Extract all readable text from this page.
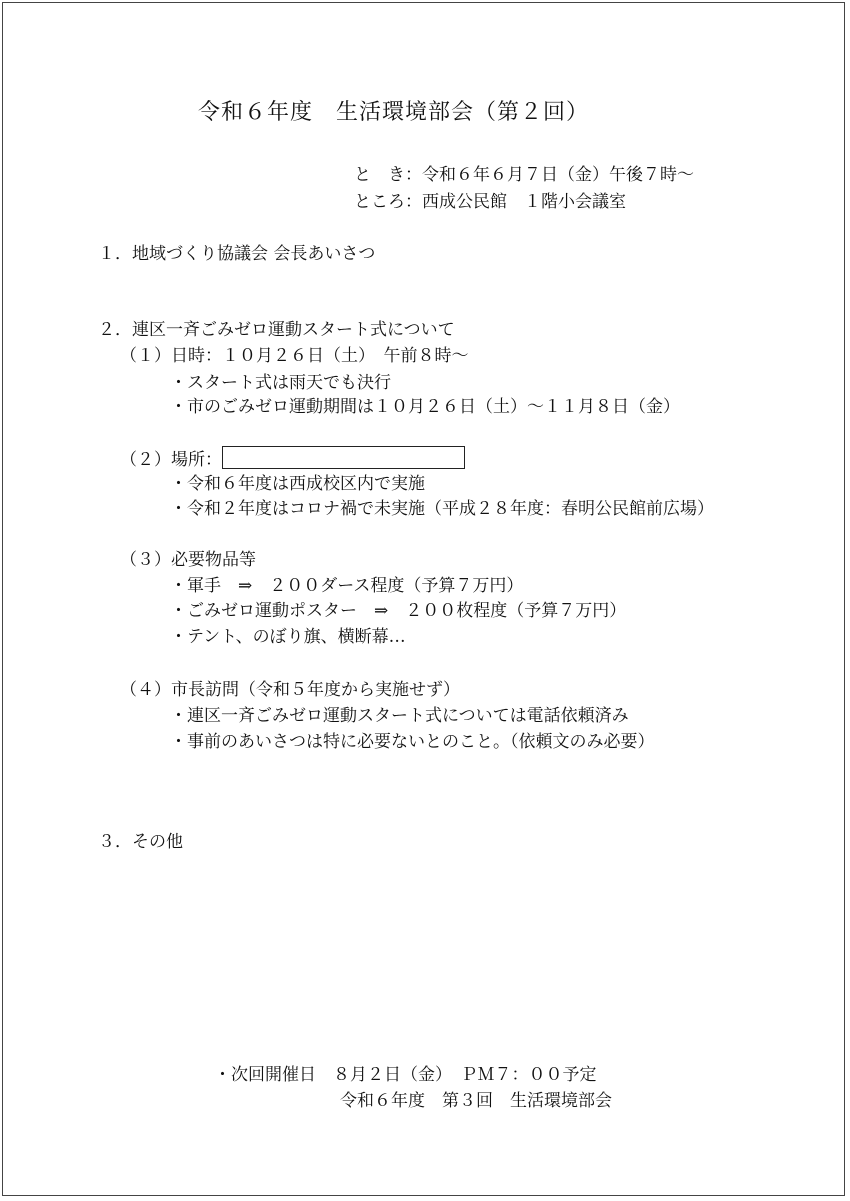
令和６年度　生活環境部会（第２回）
と　き：令和６年６月７日（金）午後７時～
ところ：西成公民館　１階小会議室
１．地域づくり協議会 会長あいさつ
２．連区一斉ごみゼロ運動スタート式について
（１）日時：１０月２６日（土）　午前８時～
・スタート式は雨天でも決行
・市のごみゼロ運動期間は１０月２６日（土）～１１月８日（金）
（２）場所：
・令和６年度は西成校区内で実施
・令和２年度はコロナ禍で未実施（平成２８年度：春明公民館前広場）
（３）必要物品等
・軍手　⇒　２００ダース程度（予算７万円）
・ごみゼロ運動ポスター　⇒　２００枚程度（予算７万円）
・テント、のぼり旗、横断幕…
（４）市長訪問（令和５年度から実施せず）
・連区一斉ごみゼロ運動スタート式については電話依頼済み
・事前のあいさつは特に必要ないとのこと。（依頼文のみ必要）
３．その他
・次回開催日　８月２日（金）　ＰＭ７：００予定
令和６年度　第３回　生活環境部会
